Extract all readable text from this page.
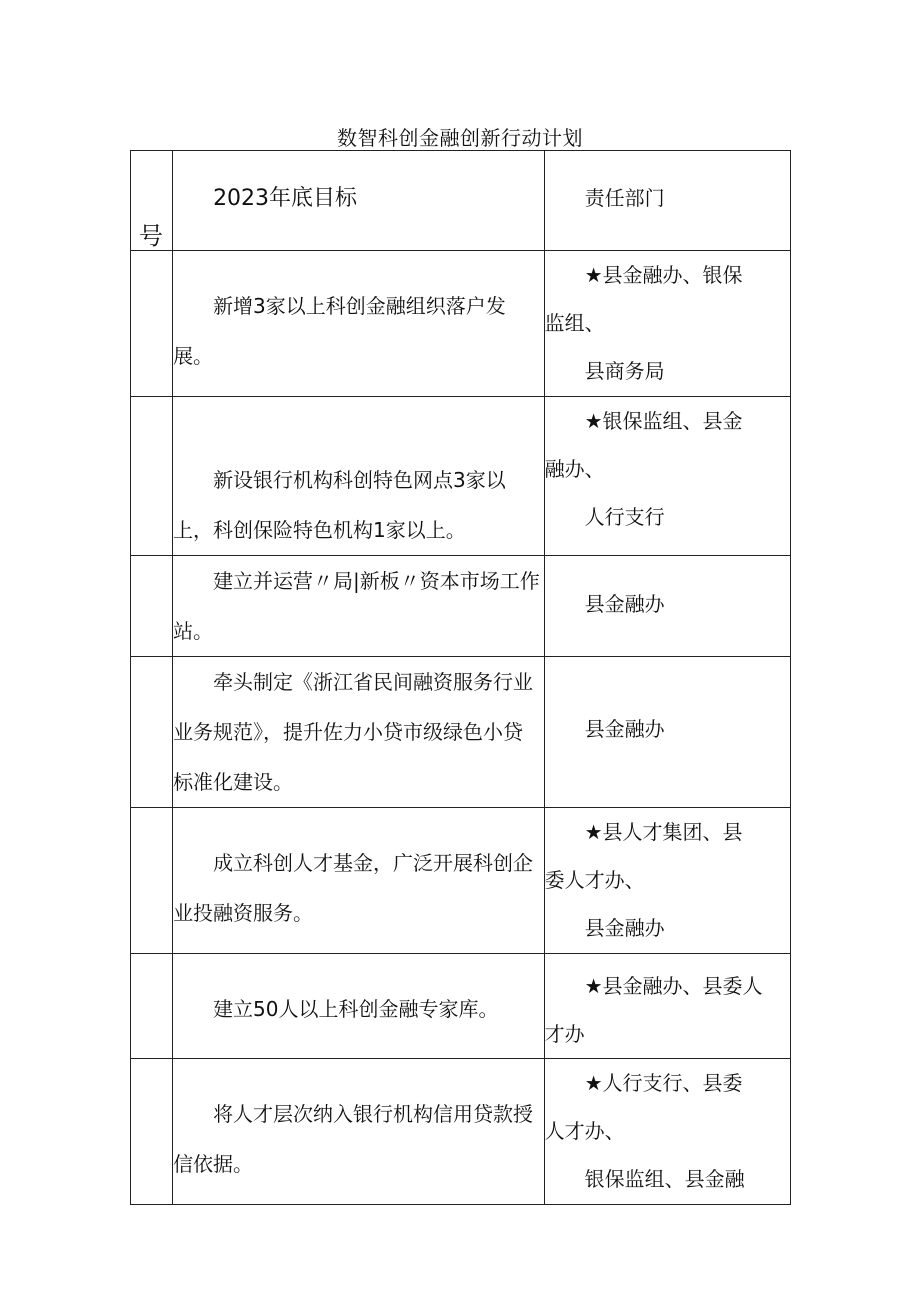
数智科创金融创新行动计划
号	2023年底目标	责任部门

	新增3家以上科创金融组织落户发展。	★县金融办、银保
监组、
县商务局

	新设银行机构科创特色网点3家以上，科创保险特色机构1家以上。	★银保监组、县金
融办、
人行支行

	建立并运营〃局|新板〃资本市场工作站。	县金融办

	牵头制定《浙江省民间融资服务行业业务规范》，提升佐力小贷市级绿色小贷标准化建设。	县金融办

	成立科创人才基金，广泛开展科创企业投融资服务。	★县人才集团、县
委人才办、
县金融办

	建立50人以上科创金融专家库。	★县金融办、县委人
才办

	将人才层次纳入银行机构信用贷款授信依据。	★人行支行、县委
人才办、
银保监组、县金融
